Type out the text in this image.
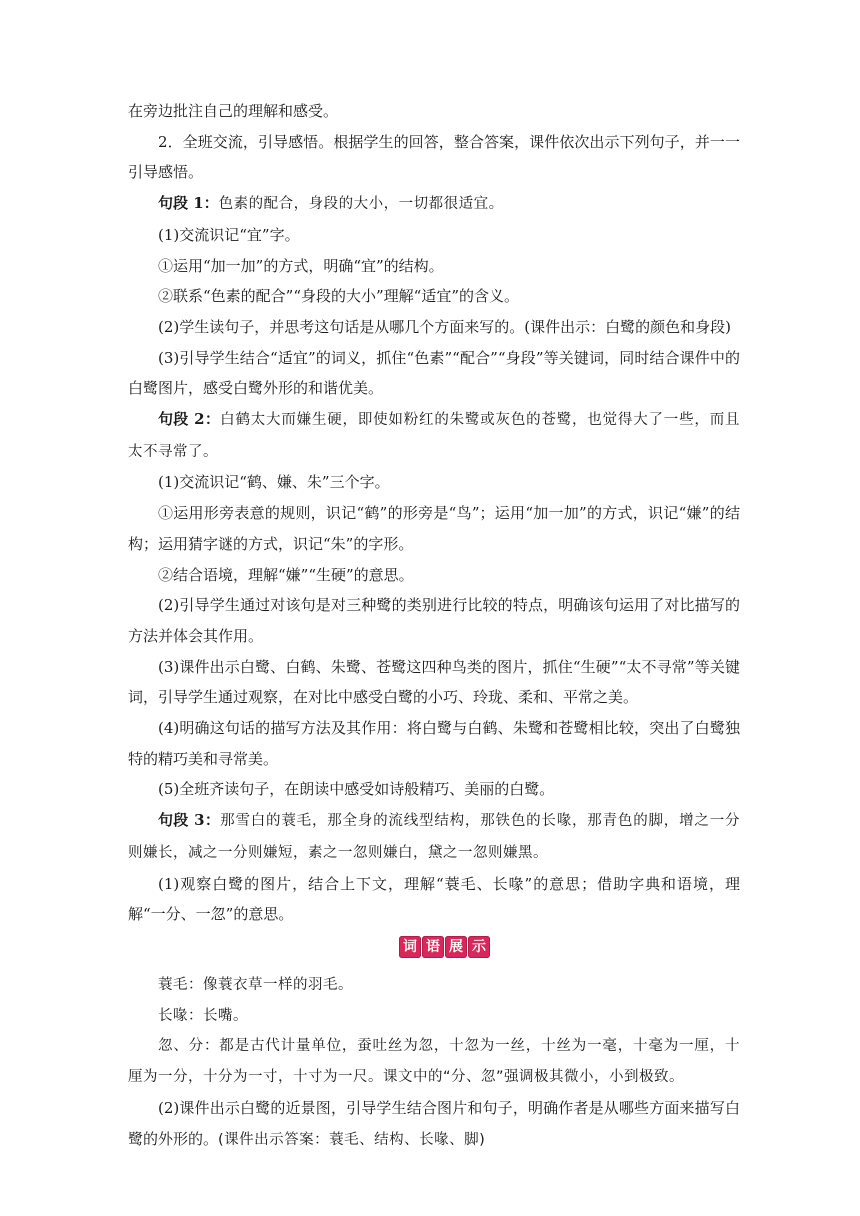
在旁边批注自己的理解和感受。

2．全班交流，引导感悟。根据学生的回答，整合答案，课件依次出示下列句子，并一一引导感悟。

句段 1：色素的配合，身段的大小，一切都很适宜。

(1)交流识记“宜”字。

①运用“加一加”的方式，明确“宜”的结构。

②联系“色素的配合”“身段的大小”理解“适宜”的含义。

(2)学生读句子，并思考这句话是从哪几个方面来写的。(课件出示：白鹭的颜色和身段)

(3)引导学生结合“适宜”的词义，抓住“色素”“配合”“身段”等关键词，同时结合课件中的白鹭图片，感受白鹭外形的和谐优美。

句段 2：白鹤太大而嫌生硬，即使如粉红的朱鹭或灰色的苍鹭，也觉得大了一些，而且太不寻常了。

(1)交流识记“鹤、嫌、朱”三个字。

①运用形旁表意的规则，识记“鹤”的形旁是“鸟”；运用“加一加”的方式，识记“嫌”的结构；运用猜字谜的方式，识记“朱”的字形。

②结合语境，理解“嫌”“生硬”的意思。

(2)引导学生通过对该句是对三种鹭的类别进行比较的特点，明确该句运用了对比描写的方法并体会其作用。

(3)课件出示白鹭、白鹤、朱鹭、苍鹭这四种鸟类的图片，抓住“生硬”“太不寻常”等关键词，引导学生通过观察，在对比中感受白鹭的小巧、玲珑、柔和、平常之美。

(4)明确这句话的描写方法及其作用：将白鹭与白鹤、朱鹭和苍鹭相比较，突出了白鹭独特的精巧美和寻常美。

(5)全班齐读句子，在朗读中感受如诗般精巧、美丽的白鹭。

句段 3：那雪白的蓑毛，那全身的流线型结构，那铁色的长喙，那青色的脚，增之一分则嫌长，减之一分则嫌短，素之一忽则嫌白，黛之一忽则嫌黑。

(1)观察白鹭的图片，结合上下文，理解“蓑毛、长喙”的意思；借助字典和语境，理解“一分、一忽”的意思。

词 语 展 示

蓑毛：像蓑衣草一样的羽毛。

长喙：长嘴。

忽、分：都是古代计量单位，蚕吐丝为忽，十忽为一丝，十丝为一毫，十毫为一厘，十厘为一分，十分为一寸，十寸为一尺。课文中的“分、忽”强调极其微小，小到极致。

(2)课件出示白鹭的近景图，引导学生结合图片和句子，明确作者是从哪些方面来描写白鹭的外形的。(课件出示答案：蓑毛、结构、长喙、脚)
